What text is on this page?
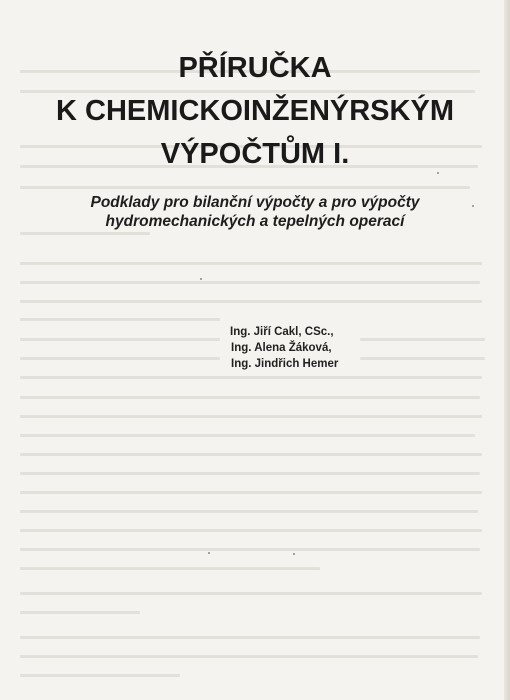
PŘÍRUČKA
K CHEMICKOINŽENÝRSKÝM
VÝPOČTŮM I.

Podklady pro bilanční výpočty a pro výpočty

hydromechanických a tepelných operací

Ing. Jiří Cakl, CSc.,
Ing. Alena Žáková,
Ing. Jindřich Hemer
